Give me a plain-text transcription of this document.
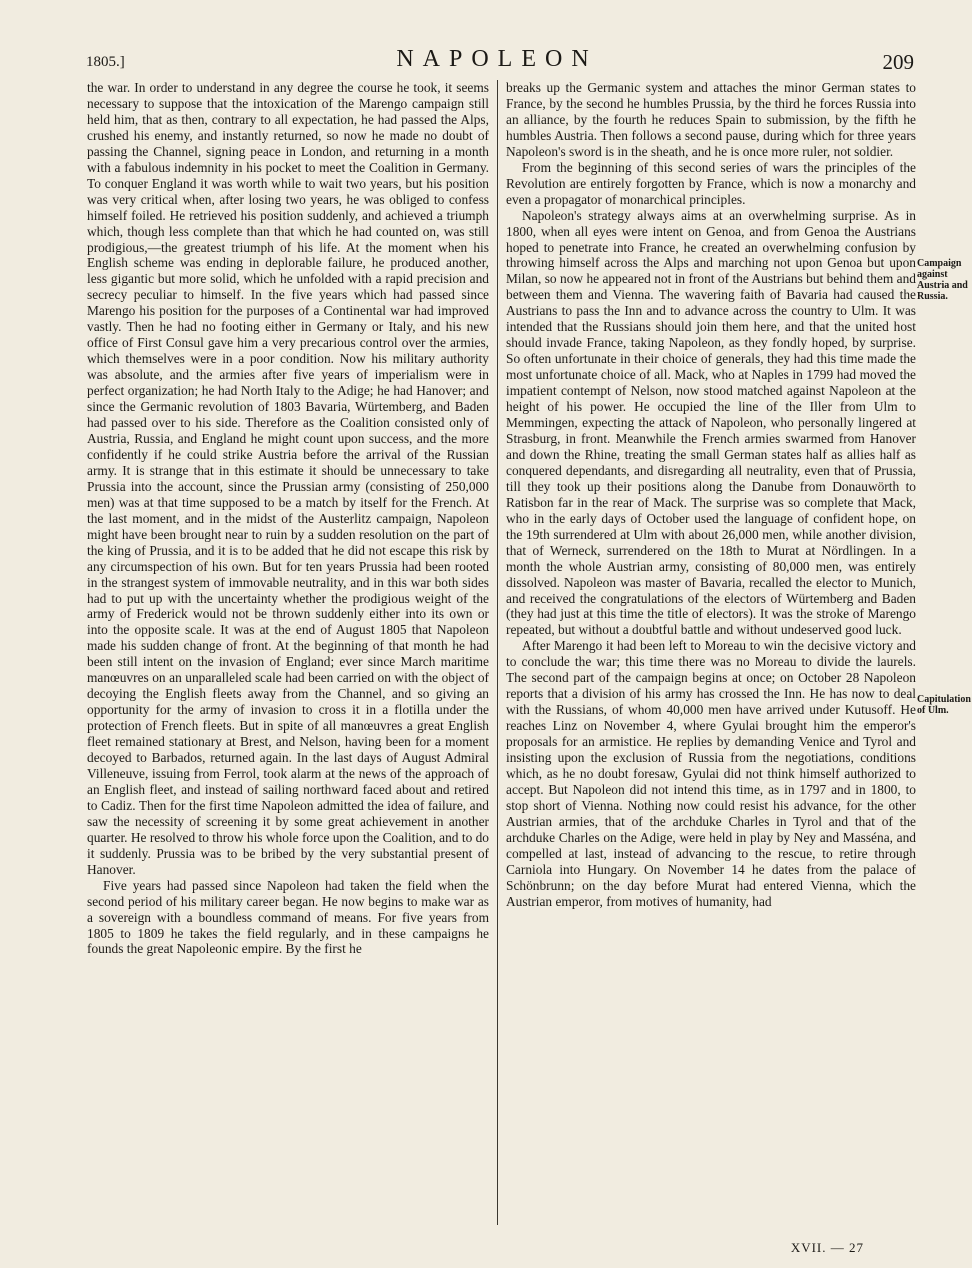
1805.]	NAPOLEON	209

the war. In order to understand in any degree the course he took, it seems necessary to suppose that the intoxication of the Marengo campaign still held him, that as then, contrary to all expectation, he had passed the Alps, crushed his enemy, and instantly returned, so now he made no doubt of passing the Channel, signing peace in London, and returning in a month with a fabulous indemnity in his pocket to meet the Coalition in Germany. To conquer England it was worth while to wait two years, but his position was very critical when, after losing two years, he was obliged to confess himself foiled. He retrieved his position suddenly, and achieved a triumph which, though less complete than that which he had counted on, was still prodigious,—the greatest triumph of his life. At the moment when his English scheme was ending in deplorable failure, he produced another, less gigantic but more solid, which he unfolded with a rapid precision and secrecy peculiar to himself. In the five years which had passed since Marengo his position for the purposes of a Continental war had improved vastly. Then he had no footing either in Germany or Italy, and his new office of First Consul gave him a very precarious control over the armies, which themselves were in a poor condition. Now his military authority was absolute, and the armies after five years of imperialism were in perfect organization; he had North Italy to the Adige; he had Hanover; and since the Germanic revolution of 1803 Bavaria, Würtemberg, and Baden had passed over to his side. Therefore as the Coalition consisted only of Austria, Russia, and England he might count upon success, and the more confidently if he could strike Austria before the arrival of the Russian army. It is strange that in this estimate it should be unnecessary to take Prussia into the account, since the Prussian army (consisting of 250,000 men) was at that time supposed to be a match by itself for the French. At the last moment, and in the midst of the Austerlitz campaign, Napoleon might have been brought near to ruin by a sudden resolution on the part of the king of Prussia, and it is to be added that he did not escape this risk by any circumspection of his own. But for ten years Prussia had been rooted in the strangest system of immovable neutrality, and in this war both sides had to put up with the uncertainty whether the prodigious weight of the army of Frederick would not be thrown suddenly either into its own or into the opposite scale. It was at the end of August 1805 that Napoleon made his sudden change of front. At the beginning of that month he had been still intent on the invasion of England; ever since March maritime manœuvres on an unparalleled scale had been carried on with the object of decoying the English fleets away from the Channel, and so giving an opportunity for the army of invasion to cross it in a flotilla under the protection of French fleets. But in spite of all manœuvres a great English fleet remained stationary at Brest, and Nelson, having been for a moment decoyed to Barbados, returned again. In the last days of August Admiral Villeneuve, issuing from Ferrol, took alarm at the news of the approach of an English fleet, and instead of sailing northward faced about and retired to Cadiz. Then for the first time Napoleon admitted the idea of failure, and saw the necessity of screening it by some great achievement in another quarter. He resolved to throw his whole force upon the Coalition, and to do it suddenly. Prussia was to be bribed by the very substantial present of Hanover.

Five years had passed since Napoleon had taken the field when the second period of his military career began. He now begins to make war as a sovereign with a boundless command of means. For five years from 1805 to 1809 he takes the field regularly, and in these campaigns he founds the great Napoleonic empire. By the first he

breaks up the Germanic system and attaches the minor German states to France, by the second he humbles Prussia, by the third he forces Russia into an alliance, by the fourth he reduces Spain to submission, by the fifth he humbles Austria. Then follows a second pause, during which for three years Napoleon's sword is in the sheath, and he is once more ruler, not soldier.

From the beginning of this second series of wars the principles of the Revolution are entirely forgotten by France, which is now a monarchy and even a propagator of monarchical principles.

Napoleon's strategy always aims at an overwhelming surprise. As in 1800, when all eyes were intent on Genoa, and from Genoa the Austrians hoped to penetrate into France, he created an overwhelming confusion by throwing himself across the Alps and marching not upon Genoa but upon Milan, so now he appeared not in front of the Austrians but behind them and between them and Vienna. The wavering faith of Bavaria had caused the Austrians to pass the Inn and to advance across the country to Ulm. It was intended that the Russians should join them here, and that the united host should invade France, taking Napoleon, as they fondly hoped, by surprise. So often unfortunate in their choice of generals, they had this time made the most unfortunate choice of all. Mack, who at Naples in 1799 had moved the impatient contempt of Nelson, now stood matched against Napoleon at the height of his power. He occupied the line of the Iller from Ulm to Memmingen, expecting the attack of Napoleon, who personally lingered at Strasburg, in front. Meanwhile the French armies swarmed from Hanover and down the Rhine, treating the small German states half as allies half as conquered dependants, and disregarding all neutrality, even that of Prussia, till they took up their positions along the Danube from Donauwörth to Ratisbon far in the rear of Mack. The surprise was so complete that Mack, who in the early days of October used the language of confident hope, on the 19th surrendered at Ulm with about 26,000 men, while another division, that of Werneck, surrendered on the 18th to Murat at Nördlingen. In a month the whole Austrian army, consisting of 80,000 men, was entirely dissolved. Napoleon was master of Bavaria, recalled the elector to Munich, and received the congratulations of the electors of Würtemberg and Baden (they had just at this time the title of electors). It was the stroke of Marengo repeated, but without a doubtful battle and without undeserved good luck.

After Marengo it had been left to Moreau to win the decisive victory and to conclude the war; this time there was no Moreau to divide the laurels. The second part of the campaign begins at once; on October 28 Napoleon reports that a division of his army has crossed the Inn. He has now to deal with the Russians, of whom 40,000 men have arrived under Kutusoff. He reaches Linz on November 4, where Gyulai brought him the emperor's proposals for an armistice. He replies by demanding Venice and Tyrol and insisting upon the exclusion of Russia from the negotiations, conditions which, as he no doubt foresaw, Gyulai did not think himself authorized to accept. But Napoleon did not intend this time, as in 1797 and in 1800, to stop short of Vienna. Nothing now could resist his advance, for the other Austrian armies, that of the archduke Charles in Tyrol and that of the archduke Charles on the Adige, were held in play by Ney and Masséna, and compelled at last, instead of advancing to the rescue, to retire through Carniola into Hungary. On November 14 he dates from the palace of Schönbrunn; on the day before Murat had entered Vienna, which the Austrian emperor, from motives of humanity, had

Campaign against Austria and Russia.
Capitulation of Ulm.
XVII. — 27
